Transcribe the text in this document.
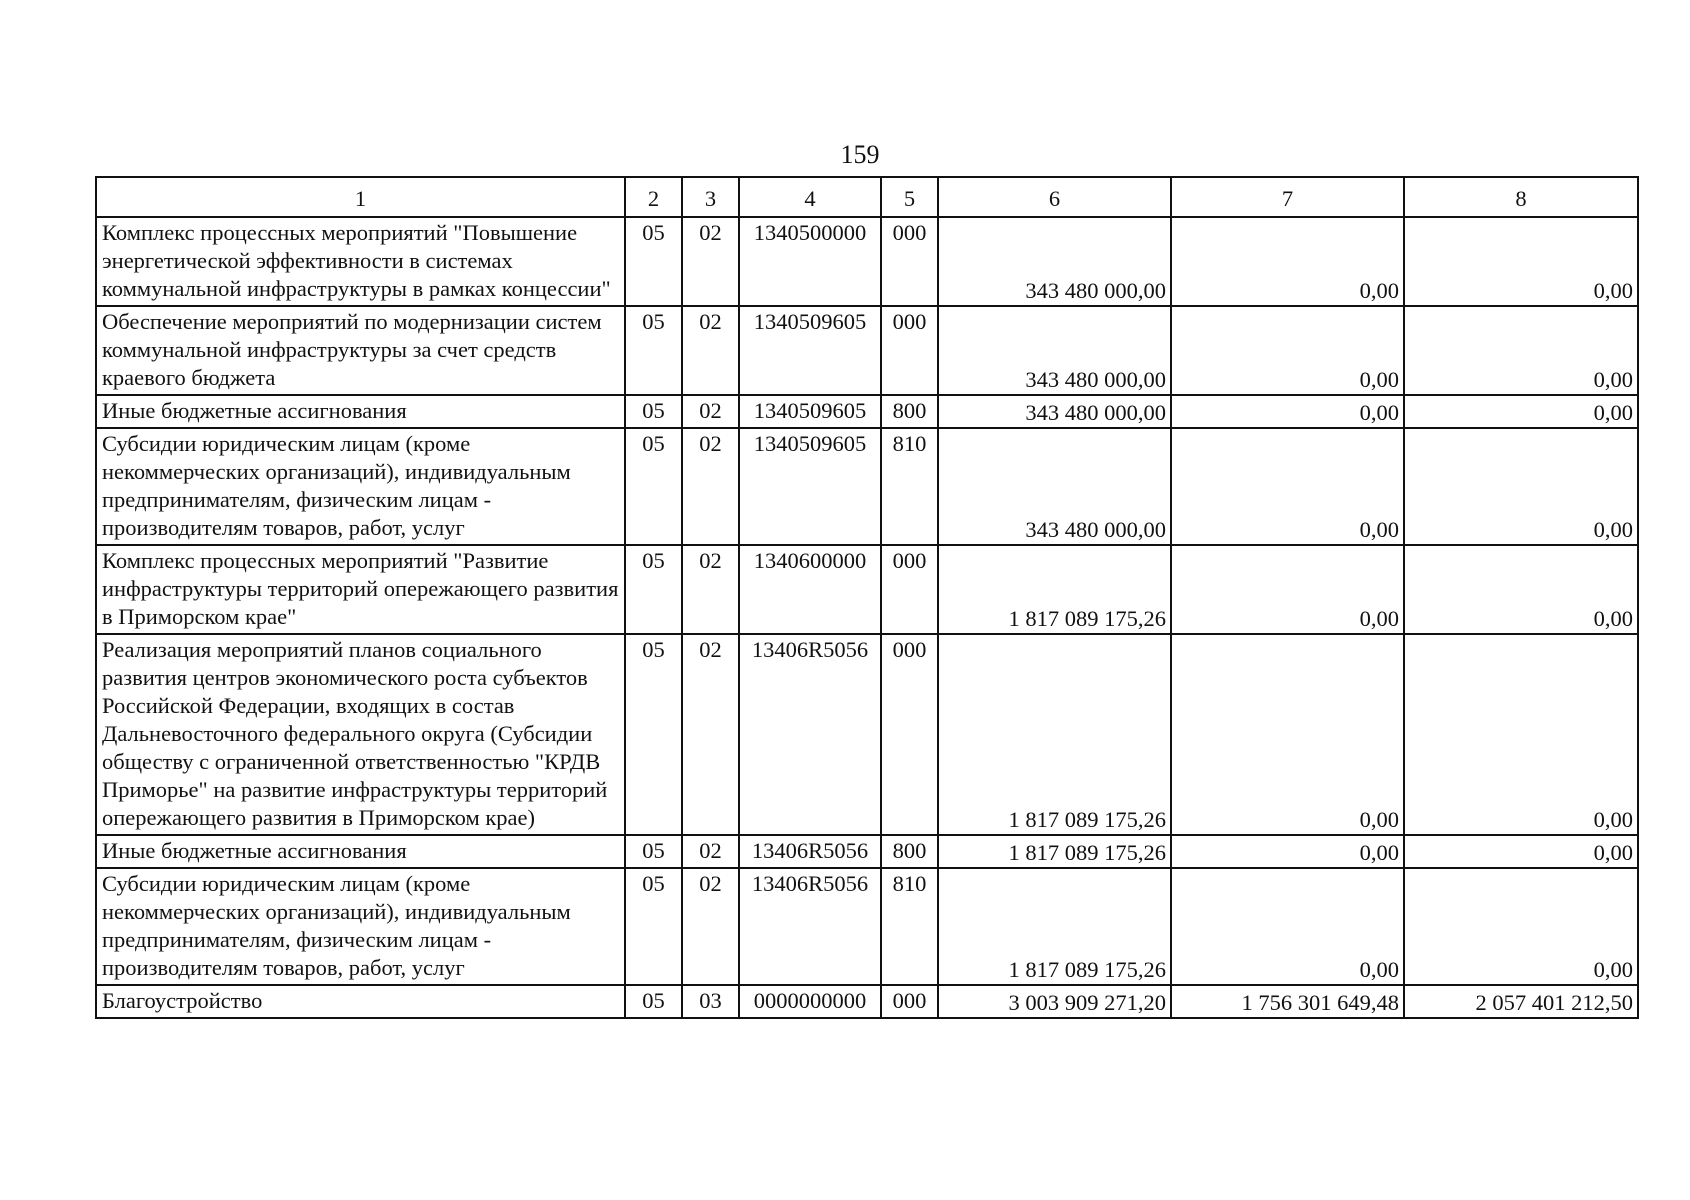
159
1	2	3	4	5	6	7	8
Комплекс процессных мероприятий "Повышение энергетической эффективности в системах коммунальной инфраструктуры в рамках концессии"	05	02	1340500000	000	343 480 000,00	0,00	0,00
Обеспечение мероприятий по модернизации систем коммунальной инфраструктуры за счет средств краевого бюджета	05	02	1340509605	000	343 480 000,00	0,00	0,00
Иные бюджетные ассигнования	05	02	1340509605	800	343 480 000,00	0,00	0,00
Субсидии юридическим лицам (кроме некоммерческих организаций), индивидуальным предпринимателям, физическим лицам - производителям товаров, работ, услуг	05	02	1340509605	810	343 480 000,00	0,00	0,00
Комплекс процессных мероприятий "Развитие инфраструктуры территорий опережающего развития в Приморском крае"	05	02	1340600000	000	1 817 089 175,26	0,00	0,00
Реализация мероприятий планов социального развития центров экономического роста субъектов Российской Федерации, входящих в состав Дальневосточного федерального округа (Субсидии обществу с ограниченной ответственностью "КРДВ Приморье" на развитие инфраструктуры территорий опережающего развития в Приморском крае)	05	02	13406R5056	000	1 817 089 175,26	0,00	0,00
Иные бюджетные ассигнования	05	02	13406R5056	800	1 817 089 175,26	0,00	0,00
Субсидии юридическим лицам (кроме некоммерческих организаций), индивидуальным предпринимателям, физическим лицам - производителям товаров, работ, услуг	05	02	13406R5056	810	1 817 089 175,26	0,00	0,00
Благоустройство	05	03	0000000000	000	3 003 909 271,20	1 756 301 649,48	2 057 401 212,50
